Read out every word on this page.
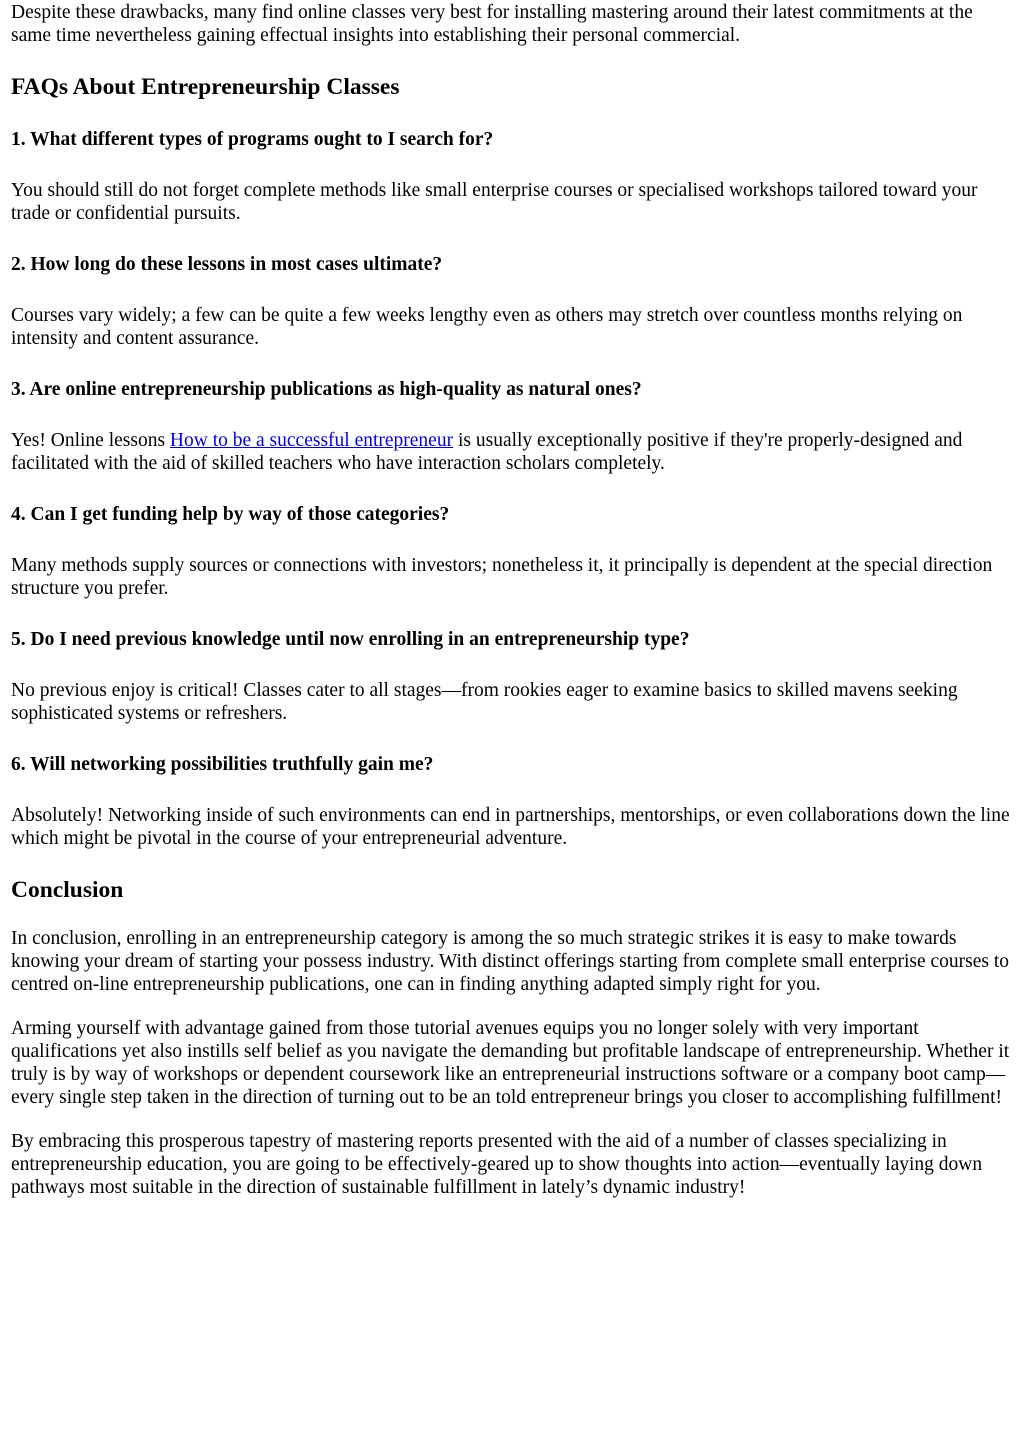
Despite these drawbacks, many find online classes very best for installing mastering around their latest commitments at the same time nevertheless gaining effectual insights into establishing their personal commercial.

FAQs About Entrepreneurship Classes
1. What different types of programs ought to I search for?

You should still do not forget complete methods like small enterprise courses or specialised workshops tailored toward your trade or confidential pursuits.

2. How long do these lessons in most cases ultimate?

Courses vary widely; a few can be quite a few weeks lengthy even as others may stretch over countless months relying on intensity and content assurance.

3. Are online entrepreneurship publications as high-quality as natural ones?

Yes! Online lessons How to be a successful entrepreneur is usually exceptionally positive if they're properly-designed and facilitated with the aid of skilled teachers who have interaction scholars completely.

4. Can I get funding help by way of those categories?

Many methods supply sources or connections with investors; nonetheless it, it principally is dependent at the special direction structure you prefer.

5. Do I need previous knowledge until now enrolling in an entrepreneurship type?

No previous enjoy is critical! Classes cater to all stages—from rookies eager to examine basics to skilled mavens seeking sophisticated systems or refreshers.

6. Will networking possibilities truthfully gain me?

Absolutely! Networking inside of such environments can end in partnerships, mentorships, or even collaborations down the line which might be pivotal in the course of your entrepreneurial adventure.

Conclusion

In conclusion, enrolling in an entrepreneurship category is among the so much strategic strikes it is easy to make towards knowing your dream of starting your possess industry. With distinct offerings starting from complete small enterprise courses to centred on-line entrepreneurship publications, one can in finding anything adapted simply right for you.

Arming yourself with advantage gained from those tutorial avenues equips you no longer solely with very important qualifications yet also instills self belief as you navigate the demanding but profitable landscape of entrepreneurship. Whether it truly is by way of workshops or dependent coursework like an entrepreneurial instructions software or a company boot camp—every single step taken in the direction of turning out to be an told entrepreneur brings you closer to accomplishing fulfillment!

By embracing this prosperous tapestry of mastering reports presented with the aid of a number of classes specializing in entrepreneurship education, you are going to be effectively-geared up to show thoughts into action—eventually laying down pathways most suitable in the direction of sustainable fulfillment in lately’s dynamic industry!
